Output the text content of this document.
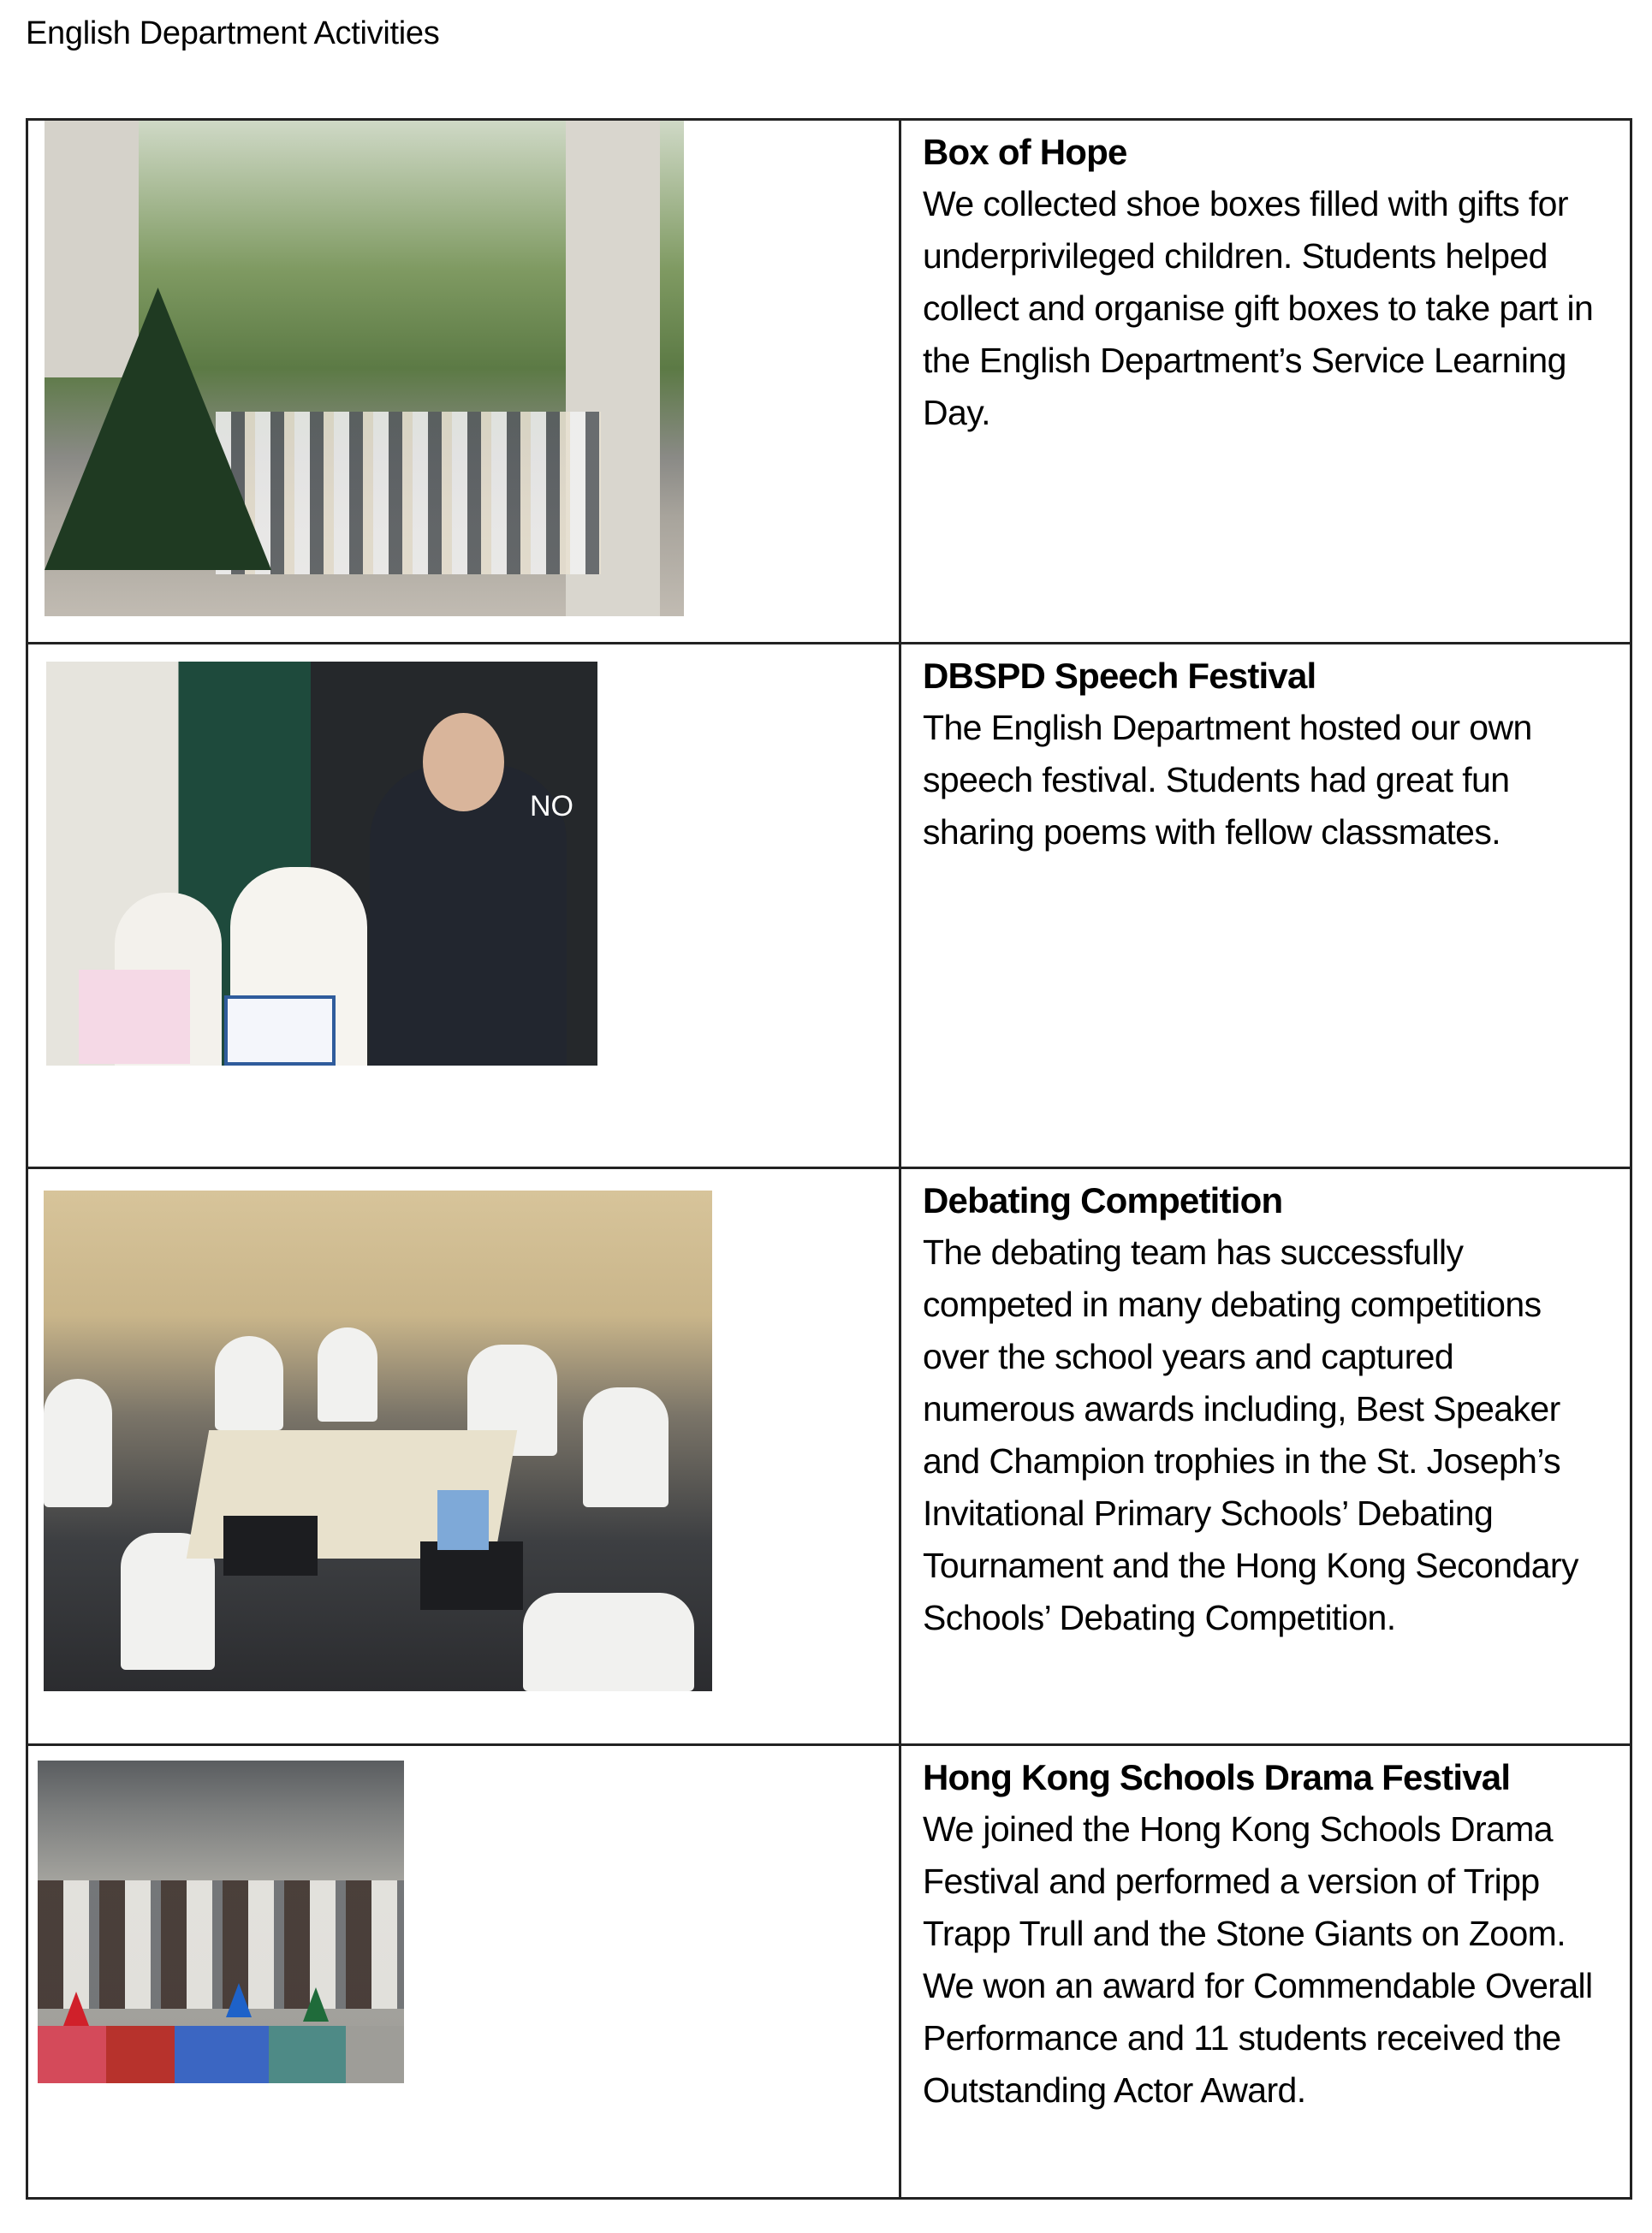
English Department Activities
Box of Hope
We collected shoe boxes filled with gifts for underprivileged children. Students helped collect and organise gift boxes to take part in the English Department’s Service Learning Day.
NO
DBSPD Speech Festival
The English Department hosted our own speech festival. Students had great fun sharing poems with fellow classmates.
Debating Competition
The debating team has successfully competed in many debating competitions over the school years and captured numerous awards including, Best Speaker and Champion trophies in the St. Joseph’s Invitational Primary Schools’ Debating Tournament and the Hong Kong Secondary Schools’ Debating Competition.
Hong Kong Schools Drama Festival
We joined the Hong Kong Schools Drama Festival and performed a version of Tripp Trapp Trull and the Stone Giants on Zoom. We won an award for Commendable Overall Performance and 11 students received the Outstanding Actor Award.
